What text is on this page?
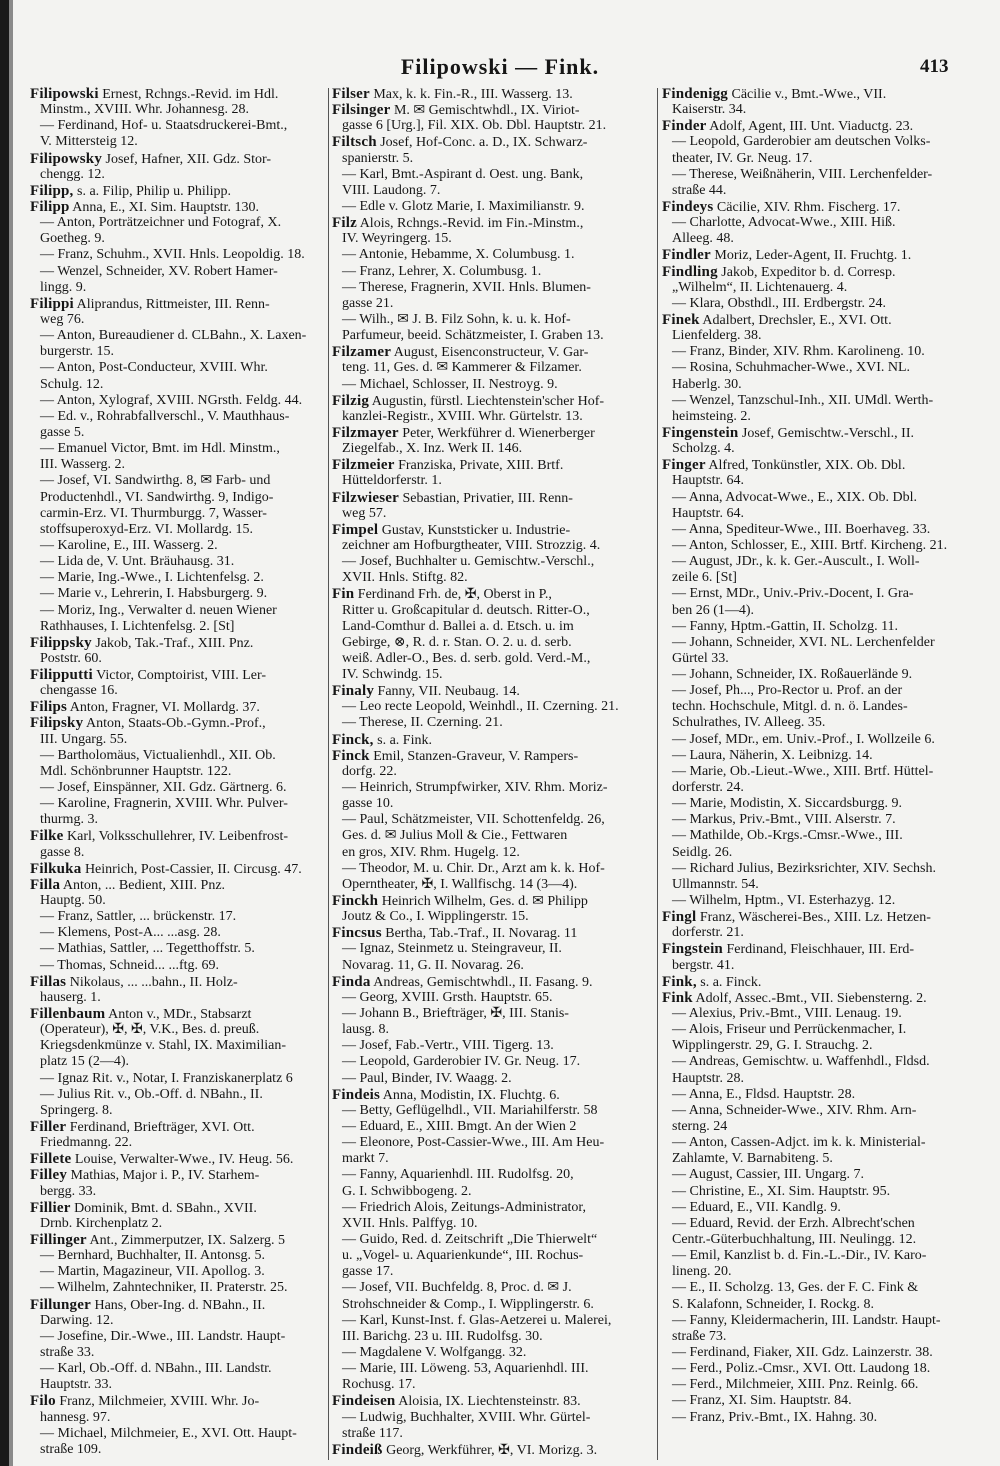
Filipowski — Fink.	413
Filipowski Ernest, Rchngs.-Revid. im Hdl.
Minstm., XVIII. Whr. Johannesg. 28.
— Ferdinand, Hof- u. Staatsdruckerei-Bmt.,
V. Mittersteig 12.
Filipowsky Josef, Hafner, XII. Gdz. Stor-
chengg. 12.
Filipp, s. a. Filip, Philip u. Philipp.
Filipp Anna, E., XI. Sim. Hauptstr. 130.
— Anton, Porträtzeichner und Fotograf, X.
Goetheg. 9.
— Franz, Schuhm., XVII. Hnls. Leopoldig. 18.
— Wenzel, Schneider, XV. Robert Hamer-
lingg. 9.
Filippi Aliprandus, Rittmeister, III. Renn-
weg 76.
— Anton, Bureaudiener d. CLBahn., X. Laxen-
burgerstr. 15.
— Anton, Post-Conducteur, XVIII. Whr.
Schulg. 12.
— Anton, Xylograf, XVIII. NGrsth. Feldg. 44.
— Ed. v., Rohrabfallverschl., V. Mauthhaus-
gasse 5.
— Emanuel Victor, Bmt. im Hdl. Minstm.,
III. Wasserg. 2.
— Josef, VI. Sandwirthg. 8, ✉ Farb- und
Productenhdl., VI. Sandwirthg. 9, Indigo-
carmin-Erz. VI. Thurmburgg. 7, Wasser-
stoffsuperoxyd-Erz. VI. Mollardg. 15.
— Karoline, E., III. Wasserg. 2.
— Lida de, V. Unt. Bräuhausg. 31.
— Marie, Ing.-Wwe., I. Lichtenfelsg. 2.
— Marie v., Lehrerin, I. Habsburgerg. 9.
— Moriz, Ing., Verwalter d. neuen Wiener
Rathhauses, I. Lichtenfelsg. 2. [St]
Filippsky Jakob, Tak.-Traf., XIII. Pnz.
Poststr. 60.
Filipputti Victor, Comptoirist, VIII. Ler-
chengasse 16.
Filips Anton, Fragner, VI. Mollardg. 37.
Filipsky Anton, Staats-Ob.-Gymn.-Prof.,
III. Ungarg. 55.
— Bartholomäus, Victualienhdl., XII. Ob.
Mdl. Schönbrunner Hauptstr. 122.
— Josef, Einspänner, XII. Gdz. Gärtnerg. 6.
— Karoline, Fragnerin, XVIII. Whr. Pulver-
thurmg. 3.
Filke Karl, Volksschullehrer, IV. Leibenfrost-
gasse 8.
Filkuka Heinrich, Post-Cassier, II. Circusg. 47.
Filla Anton, ... Bedient, XIII. Pnz.
Hauptg. 50.
— Franz, Sattler, ... brückenstr. 17.
— Klemens, Post-A... ...asg. 28.
— Mathias, Sattler, ... Tegetthoffstr. 5.
— Thomas, Schneid... ...ftg. 69.
Fillas Nikolaus, ... ...bahn., II. Holz-
hauserg. 1.
Fillenbaum Anton v., MDr., Stabsarzt
(Operateur), ✠, ✠, V.K., Bes. d. preuß.
Kriegsdenkmünze v. Stahl, IX. Maximilian-
platz 15 (2—4).
— Ignaz Rit. v., Notar, I. Franziskanerplatz 6
— Julius Rit. v., Ob.-Off. d. NBahn., II.
Springerg. 8.
Filler Ferdinand, Briefträger, XVI. Ott.
Friedmanng. 22.
Fillete Louise, Verwalter-Wwe., IV. Heug. 56.
Filley Mathias, Major i. P., IV. Starhem-
bergg. 33.
Fillier Dominik, Bmt. d. SBahn., XVII.
Drnb. Kirchenplatz 2.
Fillinger Ant., Zimmerputzer, IX. Salzerg. 5
— Bernhard, Buchhalter, II. Antonsg. 5.
— Martin, Magazineur, VII. Apollog. 3.
— Wilhelm, Zahntechniker, II. Praterstr. 25.
Fillunger Hans, Ober-Ing. d. NBahn., II.
Darwing. 12.
— Josefine, Dir.-Wwe., III. Landstr. Haupt-
straße 33.
— Karl, Ob.-Off. d. NBahn., III. Landstr.
Hauptstr. 33.
Filo Franz, Milchmeier, XVIII. Whr. Jo-
hannesg. 97.
— Michael, Milchmeier, E., XVI. Ott. Haupt-
straße 109.
Filser Max, k. k. Fin.-R., III. Wasserg. 13.
Filsinger M. ✉ Gemischtwhdl., IX. Viriot-
gasse 6 [Urg.], Fil. XIX. Ob. Dbl. Hauptstr. 21.
Filtsch Josef, Hof-Conc. a. D., IX. Schwarz-
spanierstr. 5.
— Karl, Bmt.-Aspirant d. Oest. ung. Bank,
VIII. Laudong. 7.
— Edle v. Glotz Marie, I. Maximilianstr. 9.
Filz Alois, Rchngs.-Revid. im Fin.-Minstm.,
IV. Weyringerg. 15.
— Antonie, Hebamme, X. Columbusg. 1.
— Franz, Lehrer, X. Columbusg. 1.
— Therese, Fragnerin, XVII. Hnls. Blumen-
gasse 21.
— Wilh., ✉ J. B. Filz Sohn, k. u. k. Hof-
Parfumeur, beeid. Schätzmeister, I. Graben 13.
Filzamer August, Eisenconstructeur, V. Gar-
teng. 11, Ges. d. ✉ Kammerer & Filzamer.
— Michael, Schlosser, II. Nestroyg. 9.
Filzig Augustin, fürstl. Liechtenstein'scher Hof-
kanzlei-Registr., XVIII. Whr. Gürtelstr. 13.
Filzmayer Peter, Werkführer d. Wienerberger
Ziegelfab., X. Inz. Werk II. 146.
Filzmeier Franziska, Private, XIII. Brtf.
Hütteldorferstr. 1.
Filzwieser Sebastian, Privatier, III. Renn-
weg 57.
Fimpel Gustav, Kunststicker u. Industrie-
zeichner am Hofburgtheater, VIII. Strozzig. 4.
— Josef, Buchhalter u. Gemischtw.-Verschl.,
XVII. Hnls. Stiftg. 82.
Fin Ferdinand Frh. de, ✠, Oberst in P.,
Ritter u. Großcapitular d. deutsch. Ritter-O.,
Land-Comthur d. Ballei a. d. Etsch. u. im
Gebirge, ⊗, R. d. r. Stan. O. 2. u. d. serb.
weiß. Adler-O., Bes. d. serb. gold. Verd.-M.,
IV. Schwindg. 15.
Finaly Fanny, VII. Neubaug. 14.
— Leo recte Leopold, Weinhdl., II. Czerning. 21.
— Therese, II. Czerning. 21.
Finck, s. a. Fink.
Finck Emil, Stanzen-Graveur, V. Rampers-
dorfg. 22.
— Heinrich, Strumpfwirker, XIV. Rhm. Moriz-
gasse 10.
— Paul, Schätzmeister, VII. Schottenfeldg. 26,
Ges. d. ✉ Julius Moll & Cie., Fettwaren
en gros, XIV. Rhm. Hugelg. 12.
— Theodor, M. u. Chir. Dr., Arzt am k. k. Hof-
Operntheater, ✠, I. Wallfischg. 14 (3—4).
Finckh Heinrich Wilhelm, Ges. d. ✉ Philipp
Joutz & Co., I. Wipplingerstr. 15.
Fincsus Bertha, Tab.-Traf., II. Novarag. 11
— Ignaz, Steinmetz u. Steingraveur, II.
Novarag. 11, G. II. Novarag. 26.
Finda Andreas, Gemischtwhdl., II. Fasang. 9.
— Georg, XVIII. Grsth. Hauptstr. 65.
— Johann B., Briefträger, ✠, III. Stanis-
lausg. 8.
— Josef, Fab.-Vertr., VIII. Tigerg. 13.
— Leopold, Garderobier IV. Gr. Neug. 17.
— Paul, Binder, IV. Waagg. 2.
Findeis Anna, Modistin, IX. Fluchtg. 6.
— Betty, Geflügelhdl., VII. Mariahilferstr. 58
— Eduard, E., XIII. Bmgt. An der Wien 2
— Eleonore, Post-Cassier-Wwe., III. Am Heu-
markt 7.
— Fanny, Aquarienhdl. III. Rudolfsg. 20,
G. I. Schwibbogeng. 2.
— Friedrich Alois, Zeitungs-Administrator,
XVII. Hnls. Palffyg. 10.
— Guido, Red. d. Zeitschrift „Die Thierwelt“
u. „Vogel- u. Aquarienkunde“, III. Rochus-
gasse 17.
— Josef, VII. Buchfeldg. 8, Proc. d. ✉ J.
Strohschneider & Comp., I. Wipplingerstr. 6.
— Karl, Kunst-Inst. f. Glas-Aetzerei u. Malerei,
III. Barichg. 23 u. III. Rudolfsg. 30.
— Magdalene V. Wolfgangg. 32.
— Marie, III. Löweng. 53, Aquarienhdl. III.
Rochusg. 17.
Findeisen Aloisia, IX. Liechtensteinstr. 83.
— Ludwig, Buchhalter, XVIII. Whr. Gürtel-
straße 117.
Findeiß Georg, Werkführer, ✠, VI. Morizg. 3.
Findenigg Cäcilie v., Bmt.-Wwe., VII.
Kaiserstr. 34.
Finder Adolf, Agent, III. Unt. Viaductg. 23.
— Leopold, Garderobier am deutschen Volks-
theater, IV. Gr. Neug. 17.
— Therese, Weißnäherin, VIII. Lerchenfelder-
straße 44.
Findeys Cäcilie, XIV. Rhm. Fischerg. 17.
— Charlotte, Advocat-Wwe., XIII. Hiß.
Alleeg. 48.
Findler Moriz, Leder-Agent, II. Fruchtg. 1.
Findling Jakob, Expeditor b. d. Corresp.
„Wilhelm“, II. Lichtenauerg. 4.
— Klara, Obsthdl., III. Erdbergstr. 24.
Finek Adalbert, Drechsler, E., XVI. Ott.
Lienfelderg. 38.
— Franz, Binder, XIV. Rhm. Karolineng. 10.
— Rosina, Schuhmacher-Wwe., XVI. NL.
Haberlg. 30.
— Wenzel, Tanzschul-Inh., XII. UMdl. Werth-
heimsteing. 2.
Fingenstein Josef, Gemischtw.-Verschl., II.
Scholzg. 4.
Finger Alfred, Tonkünstler, XIX. Ob. Dbl.
Hauptstr. 64.
— Anna, Advocat-Wwe., E., XIX. Ob. Dbl.
Hauptstr. 64.
— Anna, Spediteur-Wwe., III. Boerhaveg. 33.
— Anton, Schlosser, E., XIII. Brtf. Kircheng. 21.
— August, JDr., k. k. Ger.-Auscult., I. Woll-
zeile 6. [St]
— Ernst, MDr., Univ.-Priv.-Docent, I. Gra-
ben 26 (1—4).
— Fanny, Hptm.-Gattin, II. Scholzg. 11.
— Johann, Schneider, XVI. NL. Lerchenfelder
Gürtel 33.
— Johann, Schneider, IX. Roßauerlände 9.
— Josef, Ph..., Pro-Rector u. Prof. an der
techn. Hochschule, Mitgl. d. n. ö. Landes-
Schulrathes, IV. Alleeg. 35.
— Josef, MDr., em. Univ.-Prof., I. Wollzeile 6.
— Laura, Näherin, X. Leibnizg. 14.
— Marie, Ob.-Lieut.-Wwe., XIII. Brtf. Hüttel-
dorferstr. 24.
— Marie, Modistin, X. Siccardsburgg. 9.
— Markus, Priv.-Bmt., VIII. Alserstr. 7.
— Mathilde, Ob.-Krgs.-Cmsr.-Wwe., III.
Seidlg. 26.
— Richard Julius, Bezirksrichter, XIV. Sechsh.
Ullmannstr. 54.
— Wilhelm, Hptm., VI. Esterhazyg. 12.
Fingl Franz, Wäscherei-Bes., XIII. Lz. Hetzen-
dorferstr. 21.
Fingstein Ferdinand, Fleischhauer, III. Erd-
bergstr. 41.
Fink, s. a. Finck.
Fink Adolf, Assec.-Bmt., VII. Siebensterng. 2.
— Alexius, Priv.-Bmt., VIII. Lenaug. 19.
— Alois, Friseur und Perrückenmacher, I.
Wipplingerstr. 29, G. I. Strauchg. 2.
— Andreas, Gemischtw. u. Waffenhdl., Fldsd.
Hauptstr. 28.
— Anna, E., Fldsd. Hauptstr. 28.
— Anna, Schneider-Wwe., XIV. Rhm. Arn-
sterng. 24
— Anton, Cassen-Adjct. im k. k. Ministerial-
Zahlamte, V. Barnabiteng. 5.
— August, Cassier, III. Ungarg. 7.
— Christine, E., XI. Sim. Hauptstr. 95.
— Eduard, E., VII. Kandlg. 9.
— Eduard, Revid. der Erzh. Albrecht'schen
Centr.-Güterbuchhaltung, III. Neulingg. 12.
— Emil, Kanzlist b. d. Fin.-L.-Dir., IV. Karo-
lineng. 20.
— E., II. Scholzg. 13, Ges. der F. C. Fink &
S. Kalafonn, Schneider, I. Rockg. 8.
— Fanny, Kleidermacherin, III. Landstr. Haupt-
straße 73.
— Ferdinand, Fiaker, XII. Gdz. Lainzerstr. 38.
— Ferd., Poliz.-Cmsr., XVI. Ott. Laudong 18.
— Ferd., Milchmeier, XIII. Pnz. Reinlg. 66.
— Franz, XI. Sim. Hauptstr. 84.
— Franz, Priv.-Bmt., IX. Hahng. 30.
